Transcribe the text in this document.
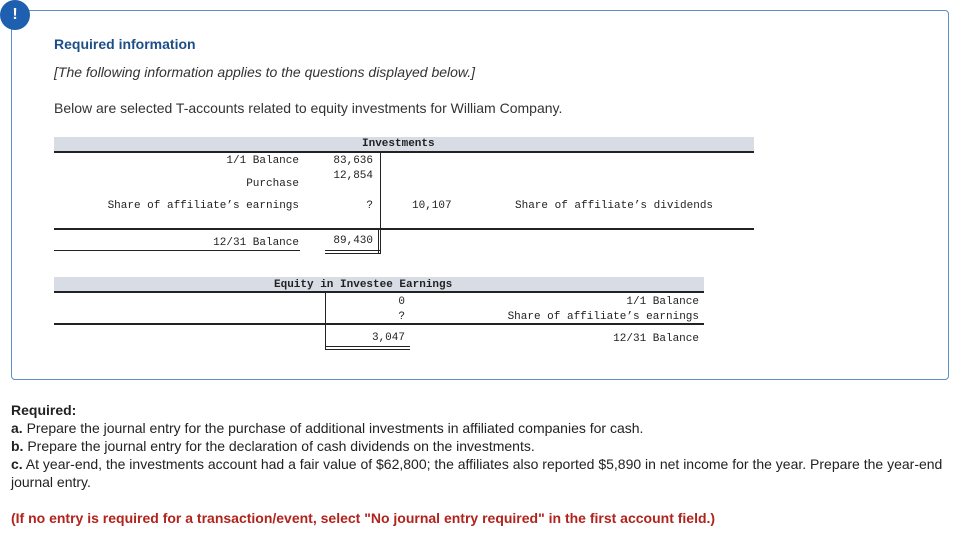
!
Required information
[The following information applies to the questions displayed below.]
Below are selected T-accounts related to equity investments for William Company.
Investments
1/1 Balance
Purchase
Share of affiliate’s earnings
12/31 Balance
83,636
12,854
?
89,430
10,107	Share of affiliate’s dividends
Equity in Investee Earnings
0
?
3,047
1/1 Balance
Share of affiliate’s earnings
12/31 Balance
Required:
a. Prepare the journal entry for the purchase of additional investments in affiliated companies for cash.
b. Prepare the journal entry for the declaration of cash dividends on the investments.
c. At year-end, the investments account had a fair value of $62,800; the affiliates also reported $5,890 in net income for the year. Prepare the year-end journal entry.
(If no entry is required for a transaction/event, select "No journal entry required" in the first account field.)
